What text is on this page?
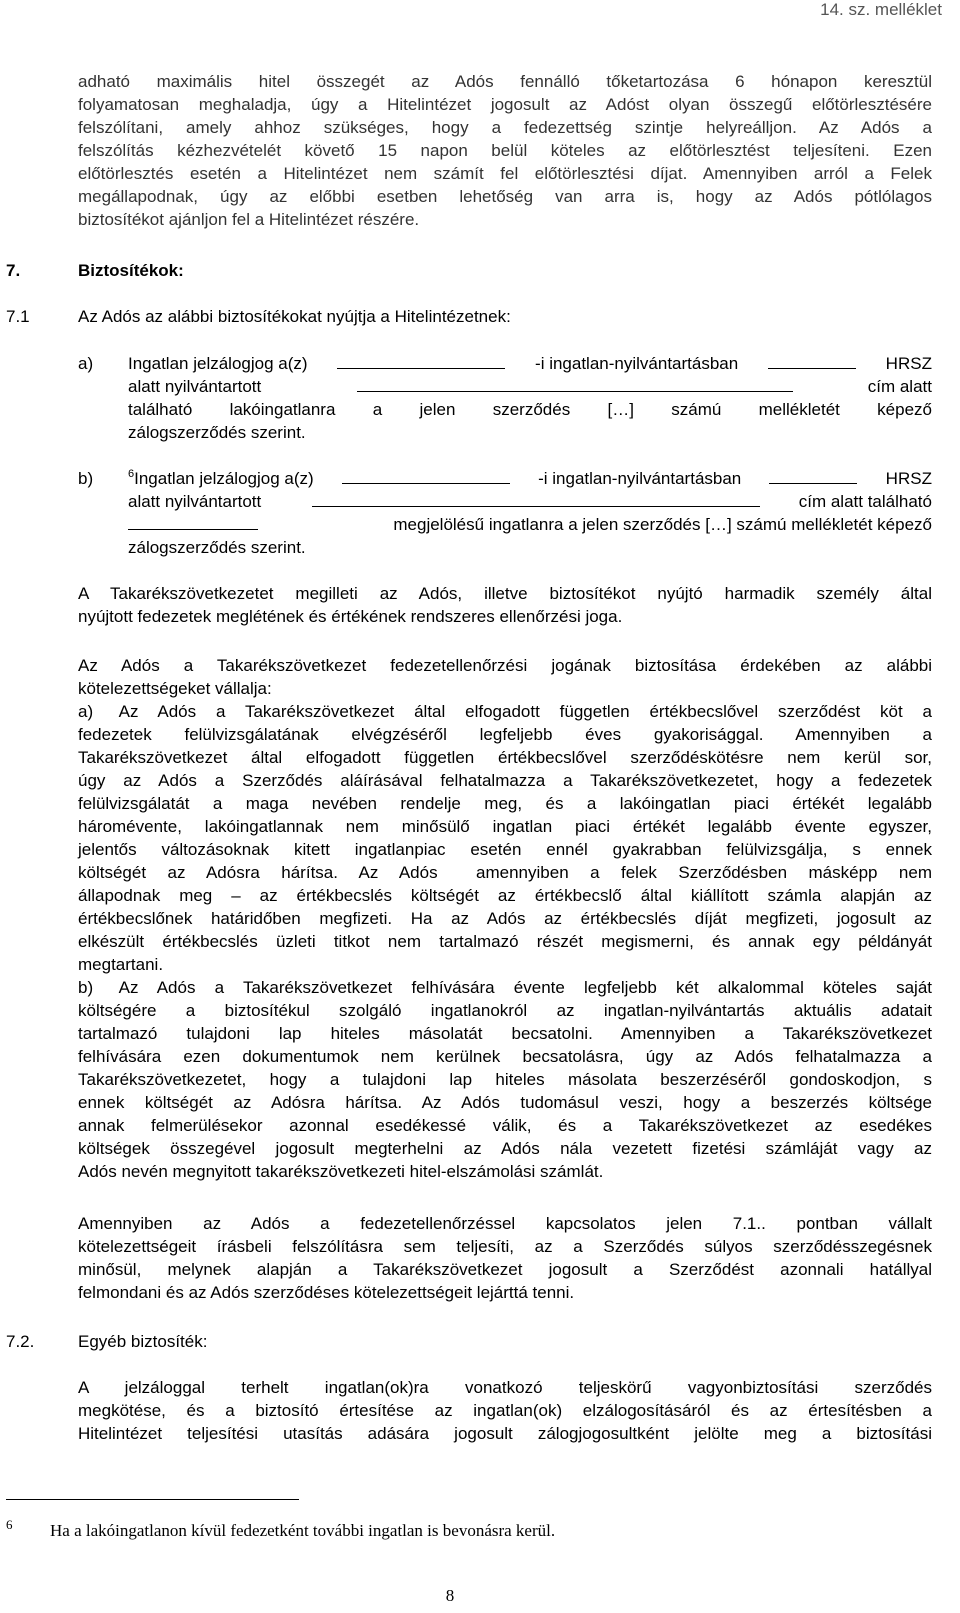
14. sz. melléklet
adható maximális hitel összegét az Adós fennálló tőketartozása 6 hónapon keresztül
folyamatosan meghaladja, úgy a Hitelintézet jogosult az Adóst olyan összegű előtörlesztésére
felszólítani, amely ahhoz szükséges, hogy a fedezettség szintje helyreálljon. Az Adós a
felszólítás kézhezvételét követő 15 napon belül köteles az előtörlesztést teljesíteni. Ezen
előtörlesztés esetén a Hitelintézet nem számít fel előtörlesztési díjat. Amennyiben arról a Felek
megállapodnak, úgy az előbbi esetben lehetőség van arra is, hogy az Adós pótlólagos
biztosítékot ajánljon fel a Hitelintézet részére.
7.	Biztosítékok:
7.1	Az Adós az alábbi biztosítékokat nyújtja a Hitelintézetnek:
a) Ingatlan jelzálogjog a(z)	-i ingatlan-nyilvántartásban	HRSZ
alatt nyilvántartott	cím alatt
található lakóingatlanra a jelen szerződés […] számú mellékletét képező
zálogszerződés szerint.
b)	$^6$Ingatlan jelzálogjog a(z)	-i ingatlan-nyilvántartásban	HRSZ
alatt nyilvántartott	cím alatt található
megjelölésű ingatlanra a jelen szerződés […] számú mellékletét képező
zálogszerződés szerint.
A Takarékszövetkezetet megilleti az Adós, illetve biztosítékot nyújtó harmadik személy által
nyújtott fedezetek meglétének és értékének rendszeres ellenőrzési joga.
Az Adós a Takarékszövetkezet fedezetellenőrzési jogának biztosítása érdekében az alábbi
kötelezettségeket vállalja:
a)  Az Adós a Takarékszövetkezet által elfogadott független értékbecslővel szerződést köt a
fedezetek felülvizsgálatának elvégzéséről legfeljebb éves gyakorisággal. Amennyiben a
Takarékszövetkezet által elfogadott független értékbecslővel szerződéskötésre nem kerül sor,
úgy az Adós a Szerződés aláírásával felhatalmazza a Takarékszövetkezetet, hogy a fedezetek
felülvizsgálatát a maga nevében rendelje meg, és a lakóingatlan piaci értékét legalább
háromévente, lakóingatlannak nem minősülő ingatlan piaci értékét legalább évente egyszer,
jelentős változásoknak kitett ingatlanpiac esetén ennél gyakrabban felülvizsgálja, s ennek
költségét az Adósra hárítsa. Az Adós  amennyiben a felek Szerződésben másképp nem
állapodnak meg – az értékbecslés költségét az értékbecslő által kiállított számla alapján az
értékbecslőnek határidőben megfizeti. Ha az Adós az értékbecslés díját megfizeti, jogosult az
elkészült értékbecslés üzleti titkot nem tartalmazó részét megismerni, és annak egy példányát
megtartani.
b)  Az Adós a Takarékszövetkezet felhívására évente legfeljebb két alkalommal köteles saját
költségére a biztosítékul szolgáló ingatlanokról az ingatlan-nyilvántartás aktuális adatait
tartalmazó tulajdoni lap hiteles másolatát becsatolni. Amennyiben a Takarékszövetkezet
felhívására ezen dokumentumok nem kerülnek becsatolásra, úgy az Adós felhatalmazza a
Takarékszövetkezetet, hogy a tulajdoni lap hiteles másolata beszerzéséről gondoskodjon, s
ennek költségét az Adósra hárítsa. Az Adós tudomásul veszi, hogy a beszerzés költsége
annak felmerülésekor azonnal esedékessé válik, és a Takarékszövetkezet az esedékes
költségek összegével jogosult megterhelni az Adós nála vezetett fizetési számláját vagy az
Adós nevén megnyitott takarékszövetkezeti hitel-elszámolási számlát.
Amennyiben az Adós a fedezetellenőrzéssel kapcsolatos jelen 7.1.. pontban vállalt
kötelezettségeit írásbeli felszólításra sem teljesíti, az a Szerződés súlyos szerződésszegésnek
minősül, melynek alapján a Takarékszövetkezet jogosult a Szerződést azonnali hatállyal
felmondani és az Adós szerződéses kötelezettségeit lejárttá tenni.
7.2.	Egyéb biztosíték:
A jelzáloggal terhelt ingatlan(ok)ra vonatkozó teljeskörű vagyonbiztosítási szerződés
megkötése, és a biztosító értesítése az ingatlan(ok) elzálogosításáról és az értesítésben a
Hitelintézet teljesítési utasítás adására jogosult zálogjogosultként jelölte meg a biztosítási
6 Ha a lakóingatlanon kívül fedezetként további ingatlan is bevonásra kerül.
8
